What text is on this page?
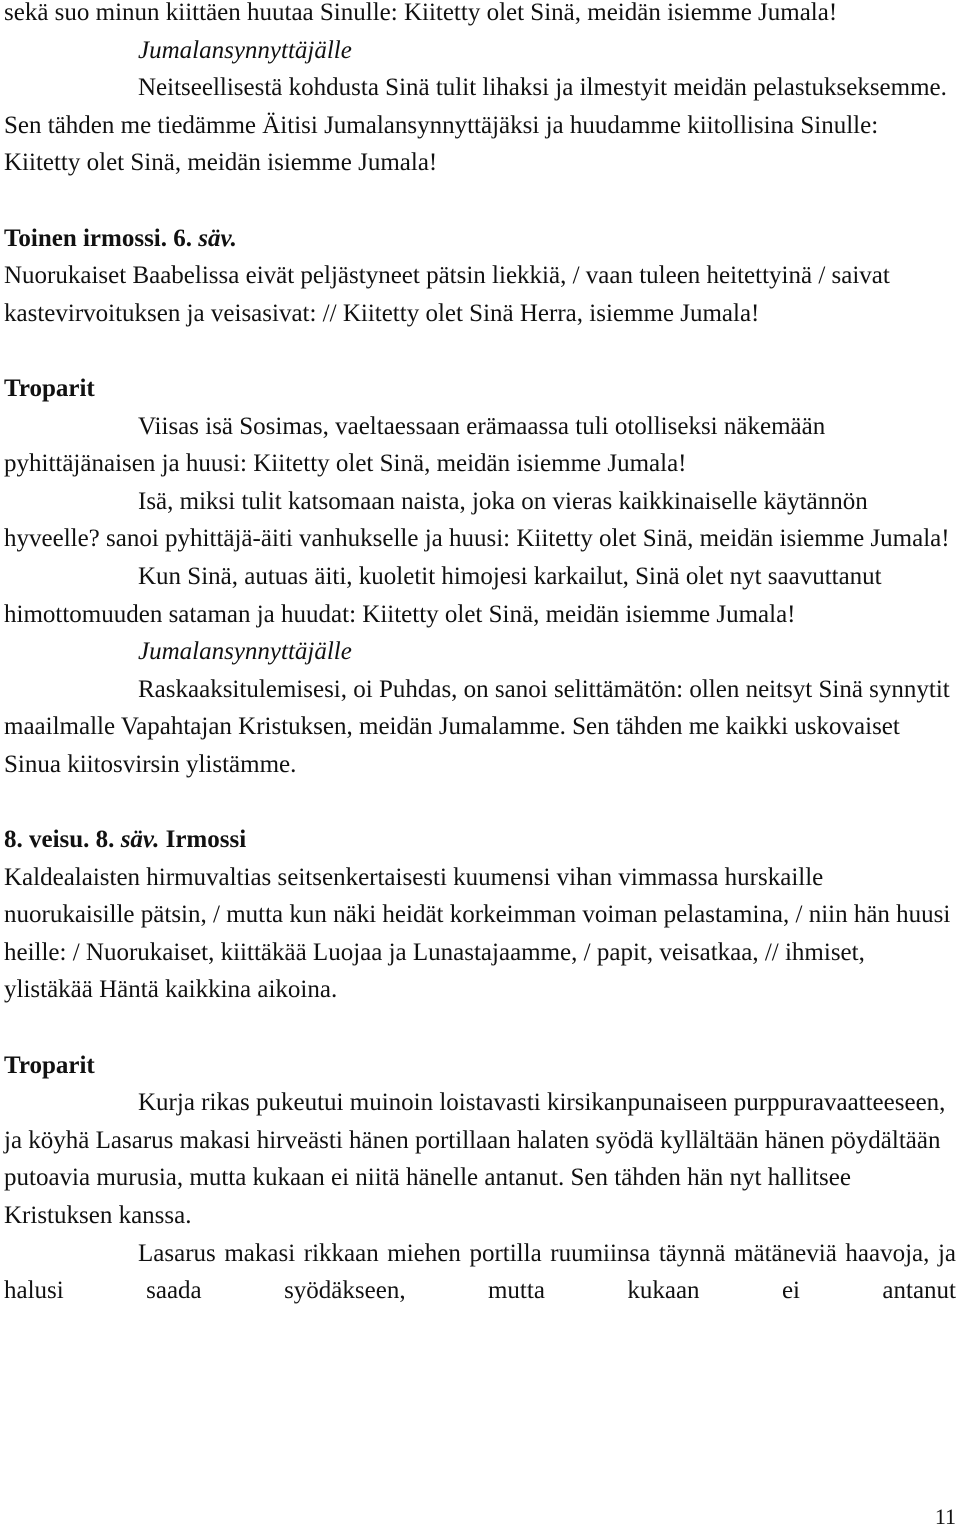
sekä suo minun kiittäen huutaa Sinulle: Kiitetty olet Sinä, meidän isiemme Jumala!

Jumalansynnyttäjälle

Neitseellisestä kohdusta Sinä tulit lihaksi ja ilmestyit meidän pelastukseksemme. Sen tähden me tiedämme Äitisi Jumalansynnyttäjäksi ja huudamme kiitollisina Sinulle: Kiitetty olet Sinä, meidän isiemme Jumala!

Toinen irmossi. 6. säv.

Nuorukaiset Baabelissa eivät peljästyneet pätsin liekkiä, / vaan tuleen heitettyinä / saivat kastevirvoituksen ja veisasivat: // Kiitetty olet Sinä Herra, isiemme Jumala!

Troparit

Viisas isä Sosimas, vaeltaessaan erämaassa tuli otolliseksi näkemään pyhittäjänaisen ja huusi: Kiitetty olet Sinä, meidän isiemme Jumala!

Isä, miksi tulit katsomaan naista, joka on vieras kaikkinaiselle käytännön hyveelle? sanoi pyhittäjä-äiti vanhukselle ja huusi: Kiitetty olet Sinä, meidän isiemme Jumala!

Kun Sinä, autuas äiti, kuoletit himojesi karkailut, Sinä olet nyt saavuttanut himottomuuden sataman ja huudat: Kiitetty olet Sinä, meidän isiemme Jumala!

Jumalansynnyttäjälle

Raskaaksitulemisesi, oi Puhdas, on sanoi selittämätön: ollen neitsyt Sinä synnytit maailmalle Vapahtajan Kristuksen, meidän Jumalamme. Sen tähden me kaikki uskovaiset Sinua kiitosvirsin ylistämme.

8. veisu. 8. säv. Irmossi

Kaldealaisten hirmuvaltias seitsenkertaisesti kuumensi vihan vimmassa hurskaille nuorukaisille pätsin, / mutta kun näki heidät korkeimman voiman pelastamina, / niin hän huusi heille: / Nuorukaiset, kiittäkää Luojaa ja Lunastajaamme, / papit, veisatkaa, // ihmiset, ylistäkää Häntä kaikkina aikoina.

Troparit

Kurja rikas pukeutui muinoin loistavasti kirsikanpunaiseen purppuravaatteeseen, ja köyhä Lasarus makasi hirveästi hänen portillaan halaten syödä kyllältään hänen pöydältään putoavia murusia, mutta kukaan ei niitä hänelle antanut. Sen tähden hän nyt hallitsee Kristuksen kanssa.

Lasarus makasi rikkaan miehen portilla ruumiinsa täynnä mätäneviä haavoja, ja halusi saada syödäkseen, mutta kukaan ei antanut

11
